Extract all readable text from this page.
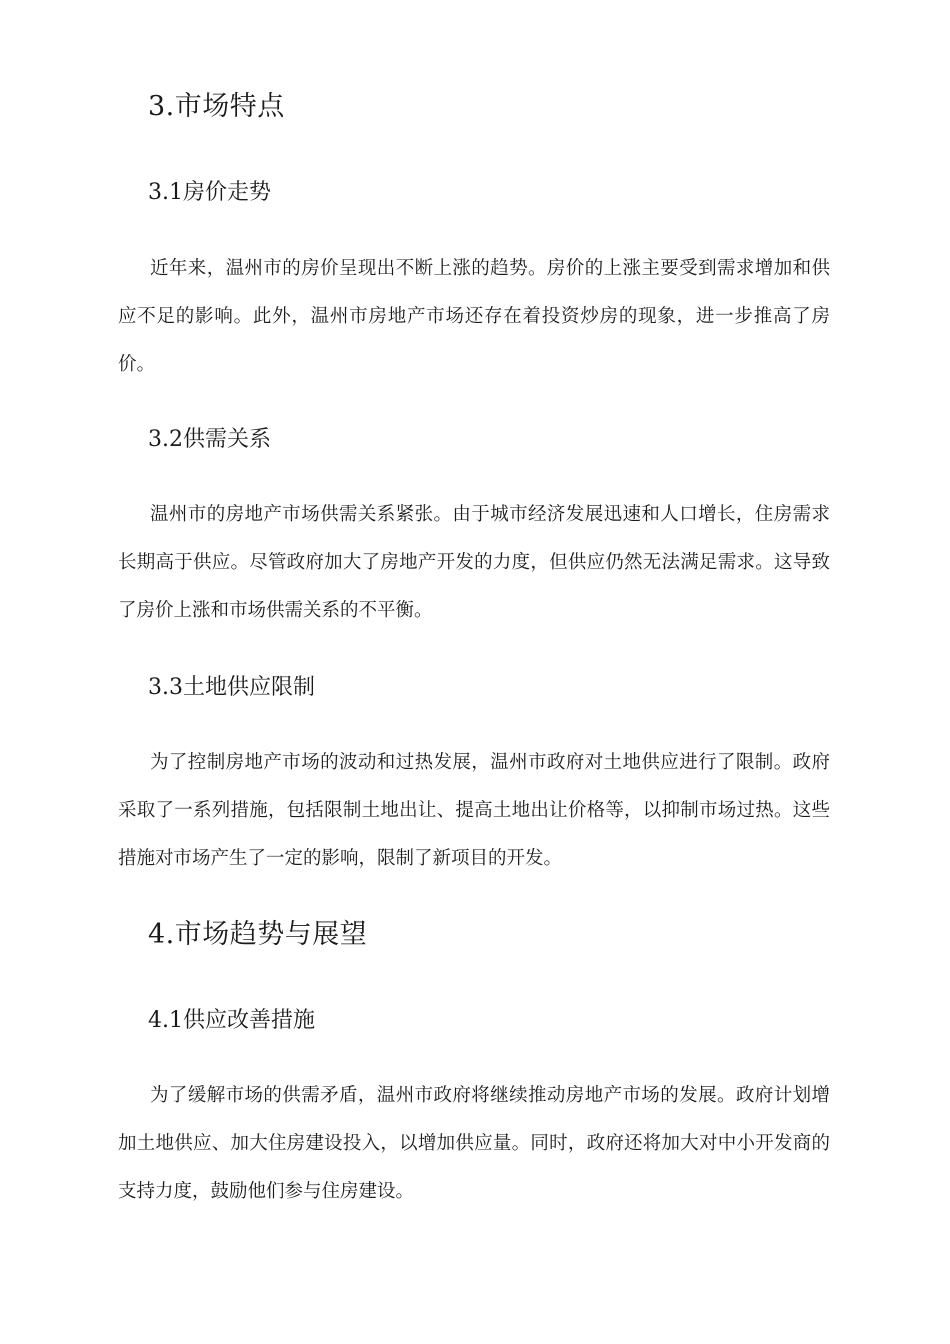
3.市场特点
3.1房价走势

近年来，温州市的房价呈现出不断上涨的趋势。房价的上涨主要受到需求增加和供应不足的影响。此外，温州市房地产市场还存在着投资炒房的现象，进一步推高了房价。

3.2供需关系

温州市的房地产市场供需关系紧张。由于城市经济发展迅速和人口增长，住房需求长期高于供应。尽管政府加大了房地产开发的力度，但供应仍然无法满足需求。这导致了房价上涨和市场供需关系的不平衡。

3.3土地供应限制

为了控制房地产市场的波动和过热发展，温州市政府对土地供应进行了限制。政府采取了一系列措施，包括限制土地出让、提高土地出让价格等，以抑制市场过热。这些措施对市场产生了一定的影响，限制了新项目的开发。

4.市场趋势与展望
4.1供应改善措施

为了缓解市场的供需矛盾，温州市政府将继续推动房地产市场的发展。政府计划增加土地供应、加大住房建设投入，以增加供应量。同时，政府还将加大对中小开发商的支持力度，鼓励他们参与住房建设。
